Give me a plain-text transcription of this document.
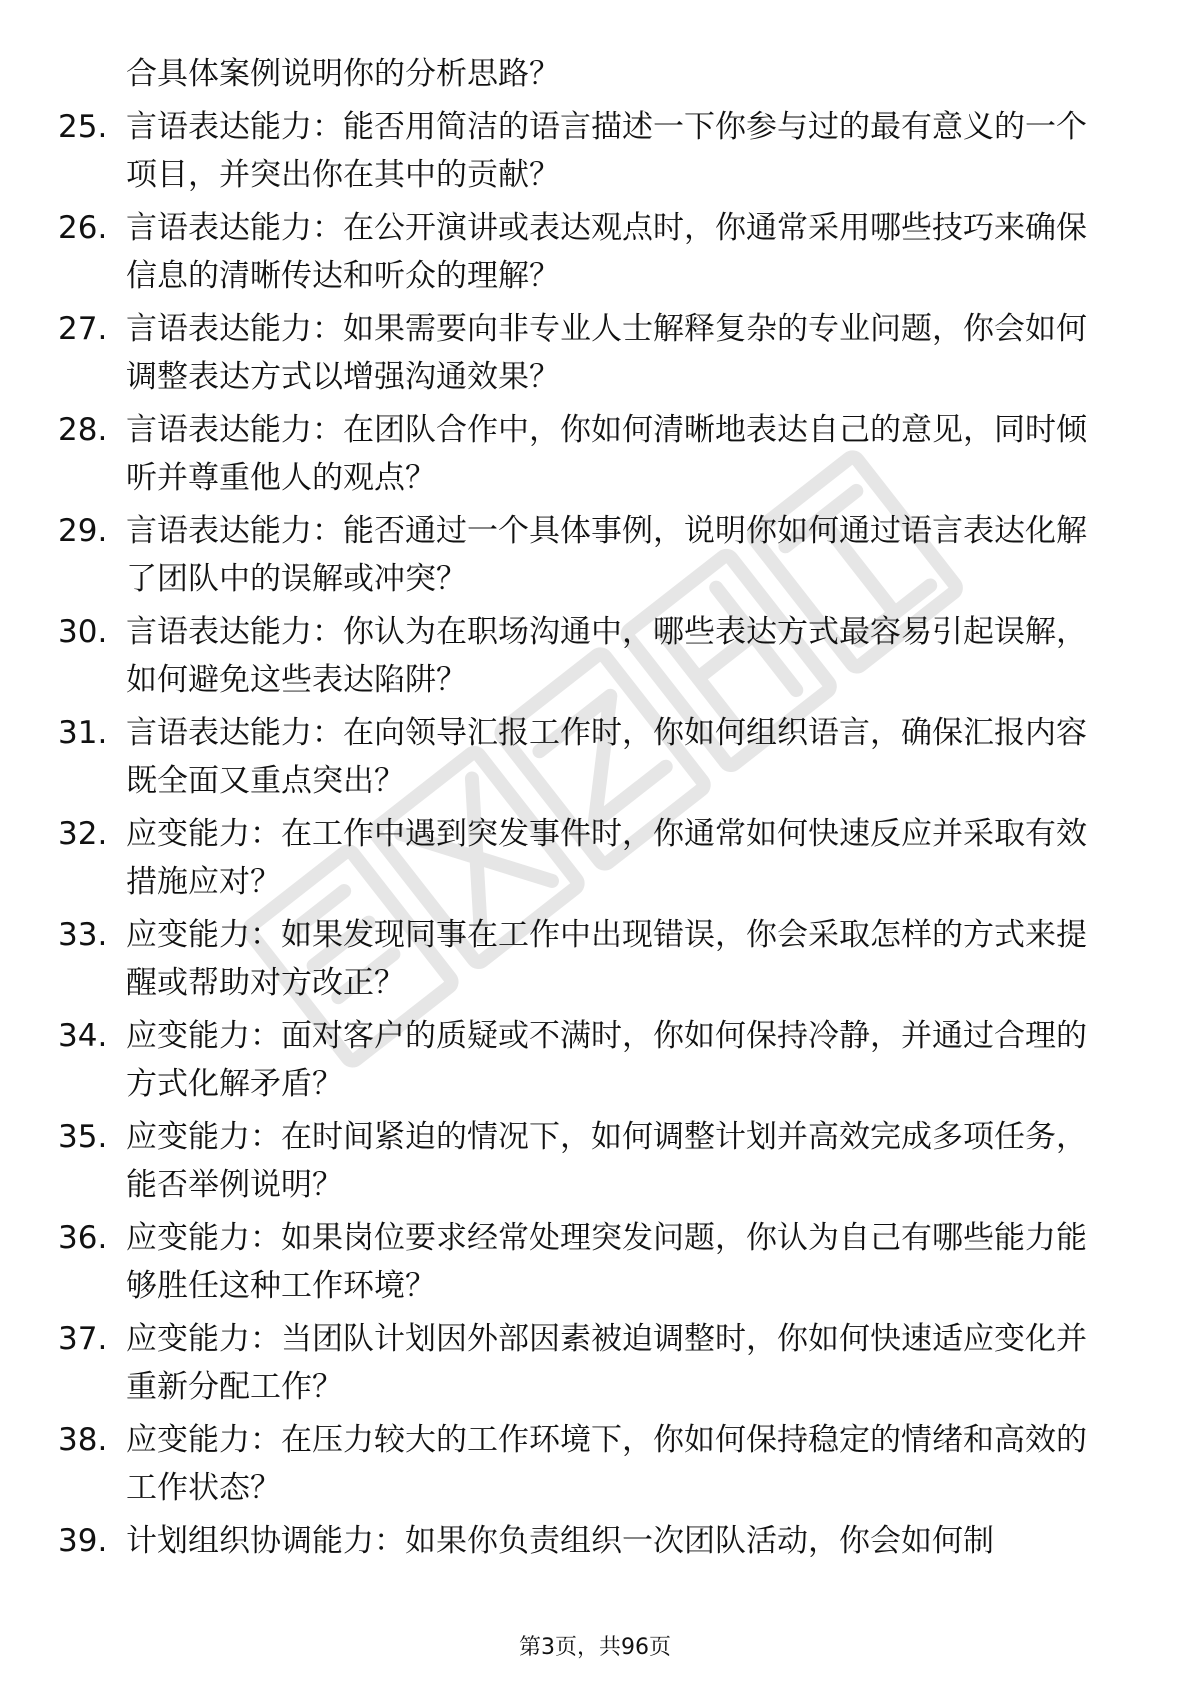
合具体案例说明你的分析思路？
25. 言语表达能力：能否用简洁的语言描述一下你参与过的最有意义的一个项目，并突出你在其中的贡献？
26. 言语表达能力：在公开演讲或表达观点时，你通常采用哪些技巧来确保信息的清晰传达和听众的理解？
27. 言语表达能力：如果需要向非专业人士解释复杂的专业问题，你会如何调整表达方式以增强沟通效果？
28. 言语表达能力：在团队合作中，你如何清晰地表达自己的意见，同时倾听并尊重他人的观点？
29. 言语表达能力：能否通过一个具体事例，说明你如何通过语言表达化解了团队中的误解或冲突？
30. 言语表达能力：你认为在职场沟通中，哪些表达方式最容易引起误解，如何避免这些表达陷阱？
31. 言语表达能力：在向领导汇报工作时，你如何组织语言，确保汇报内容既全面又重点突出？
32. 应变能力：在工作中遇到突发事件时，你通常如何快速反应并采取有效措施应对？
33. 应变能力：如果发现同事在工作中出现错误，你会采取怎样的方式来提醒或帮助对方改正？
34. 应变能力：面对客户的质疑或不满时，你如何保持冷静，并通过合理的方式化解矛盾？
35. 应变能力：在时间紧迫的情况下，如何调整计划并高效完成多项任务，能否举例说明？
36. 应变能力：如果岗位要求经常处理突发问题，你认为自己有哪些能力能够胜任这种工作环境？
37. 应变能力：当团队计划因外部因素被迫调整时，你如何快速适应变化并重新分配工作？
38. 应变能力：在压力较大的工作环境下，你如何保持稳定的情绪和高效的工作状态？
39. 计划组织协调能力：如果你负责组织一次团队活动，你会如何制
第3页，共96页
